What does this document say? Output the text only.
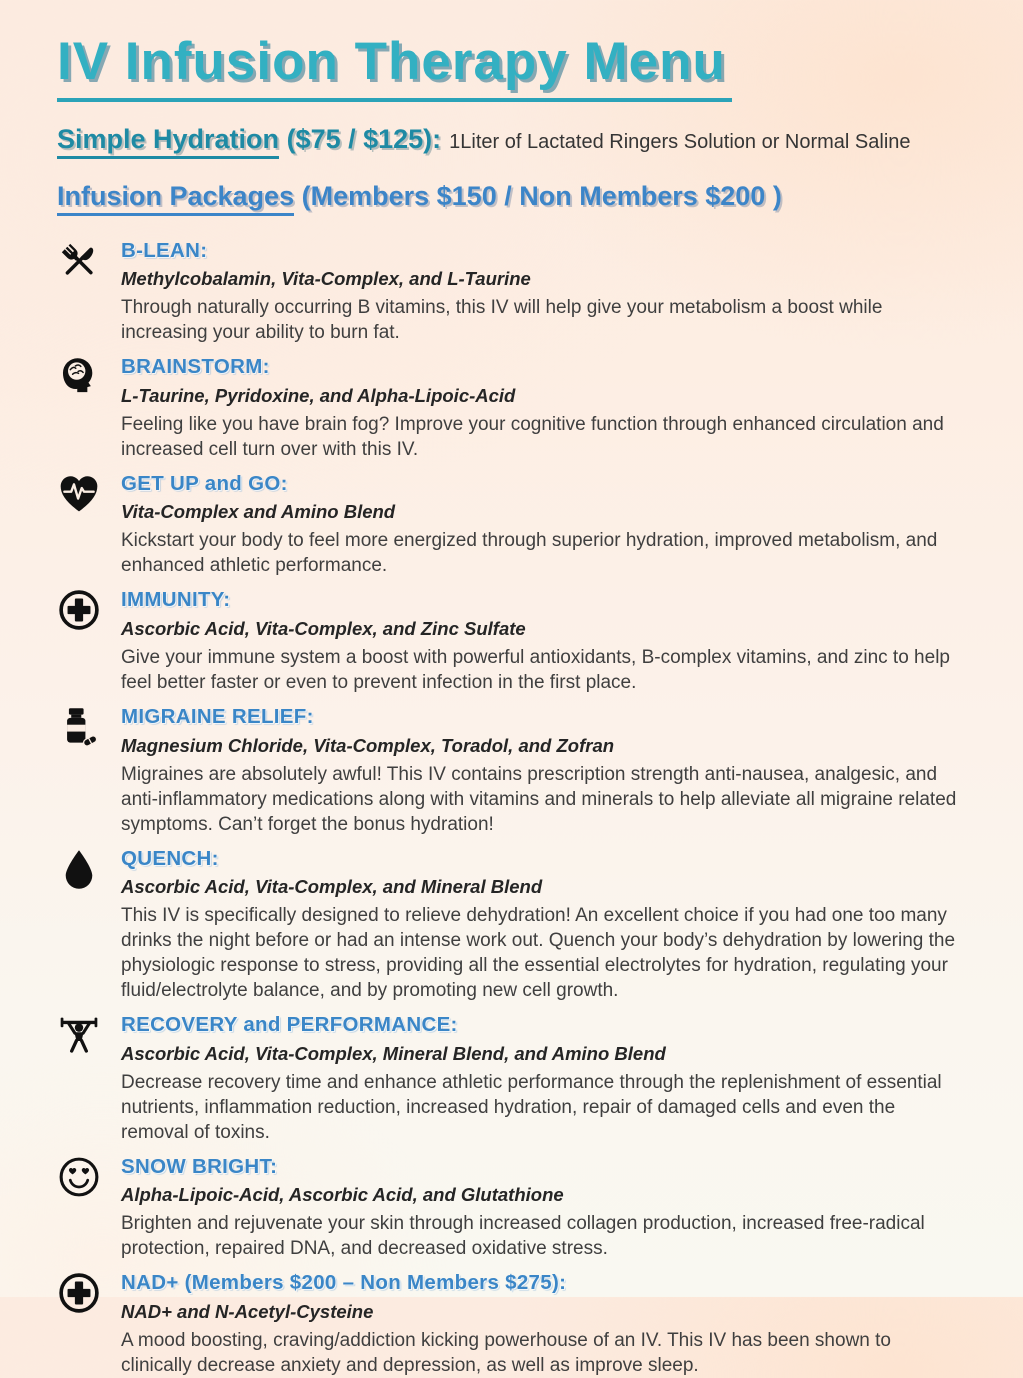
IV Infusion Therapy Menu
Simple Hydration ($75 / $125): 1Liter of Lactated Ringers Solution or Normal Saline
Infusion Packages (Members $150 / Non Members $200 )

B-LEAN:

Methylcobalamin, Vita-Complex, and L-Taurine

Through naturally occurring B vitamins, this IV will help give your metabolism a boost while increasing your ability to burn fat.

BRAINSTORM:

L-Taurine, Pyridoxine, and Alpha-Lipoic-Acid

Feeling like you have brain fog? Improve your cognitive function through enhanced circulation and increased cell turn over with this IV.

GET UP and GO:

Vita-Complex and Amino Blend

Kickstart your body to feel more energized through superior hydration, improved metabolism, and enhanced athletic performance.

IMMUNITY:

Ascorbic Acid, Vita-Complex, and Zinc Sulfate

Give your immune system a boost with powerful antioxidants, B-complex vitamins, and zinc to help feel better faster or even to prevent infection in the first place.

MIGRAINE RELIEF:

Magnesium Chloride, Vita-Complex, Toradol, and Zofran

Migraines are absolutely awful! This IV contains prescription strength anti-nausea, analgesic, and anti-inflammatory medications along with vitamins and minerals to help alleviate all migraine related symptoms. Can’t forget the bonus hydration!

QUENCH:

Ascorbic Acid, Vita-Complex, and Mineral Blend

This IV is specifically designed to relieve dehydration! An excellent choice if you had one too many drinks the night before or had an intense work out. Quench your body’s dehydration by lowering the physiologic response to stress, providing all the essential electrolytes for hydration, regulating your fluid/electrolyte balance, and by promoting new cell growth.

RECOVERY and PERFORMANCE:

Ascorbic Acid, Vita-Complex, Mineral Blend, and Amino Blend

Decrease recovery time and enhance athletic performance through the replenishment of essential nutrients, inflammation reduction, increased hydration, repair of damaged cells and even the removal of toxins.

SNOW BRIGHT:

Alpha-Lipoic-Acid, Ascorbic Acid, and Glutathione

Brighten and rejuvenate your skin through increased collagen production, increased free-radical protection, repaired DNA, and decreased oxidative stress.

NAD+ (Members $200 – Non Members $275):

NAD+ and N-Acetyl-Cysteine

A mood boosting, craving/addiction kicking powerhouse of an IV. This IV has been shown to clinically decrease anxiety and depression, as well as improve sleep.
